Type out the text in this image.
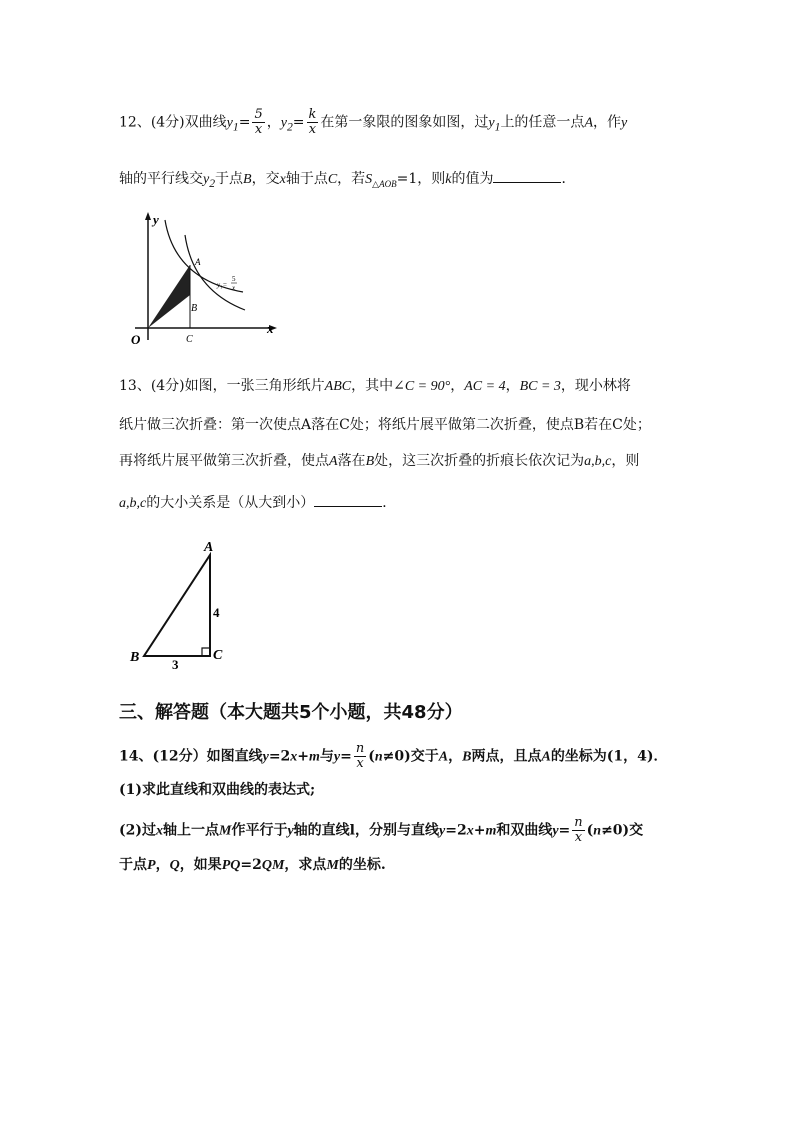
12、(4分)双曲线$y_1= \frac{5}{x}$ ，$y_2= \frac{k}{x}$ 在第一象限的图象如图，过$y_1$上的任意一点A，作y
轴的平行线交$y_2$于点B，交x轴于点C，若$S_{\triangle AOB}=1$，则k的值为	．
y
x
O
A
B
C
y₁=
5
x
13、(4分)如图，一张三角形纸片ABC，其中∠C = 90°，AC = 4，BC = 3，现小林将
纸片做三次折叠：第一次使点A落在C处；将纸片展平做第二次折叠，使点B若在C处；
再将纸片展平做第三次折叠，使点A落在B处，这三次折叠的折痕长依次记为a,b,c，则
a,b,c的大小关系是（从大到小）	．
A
B	C
4
3
三、解答题（本大题共5个小题，共48分）
14、(12分）如图直线y=2x+m与$y= \frac{n}{x} (n\ne 0)$交于A，B两点，且点A的坐标为(1，4)．
(1)求此直线和双曲线的表达式;
(2)过x轴上一点M作平行于y轴的直线l，分别与直线y=2x+m和双曲线$y= \frac{n}{x} (n\ne 0)$交
于点P，Q，如果PQ=2QM，求点M的坐标.
